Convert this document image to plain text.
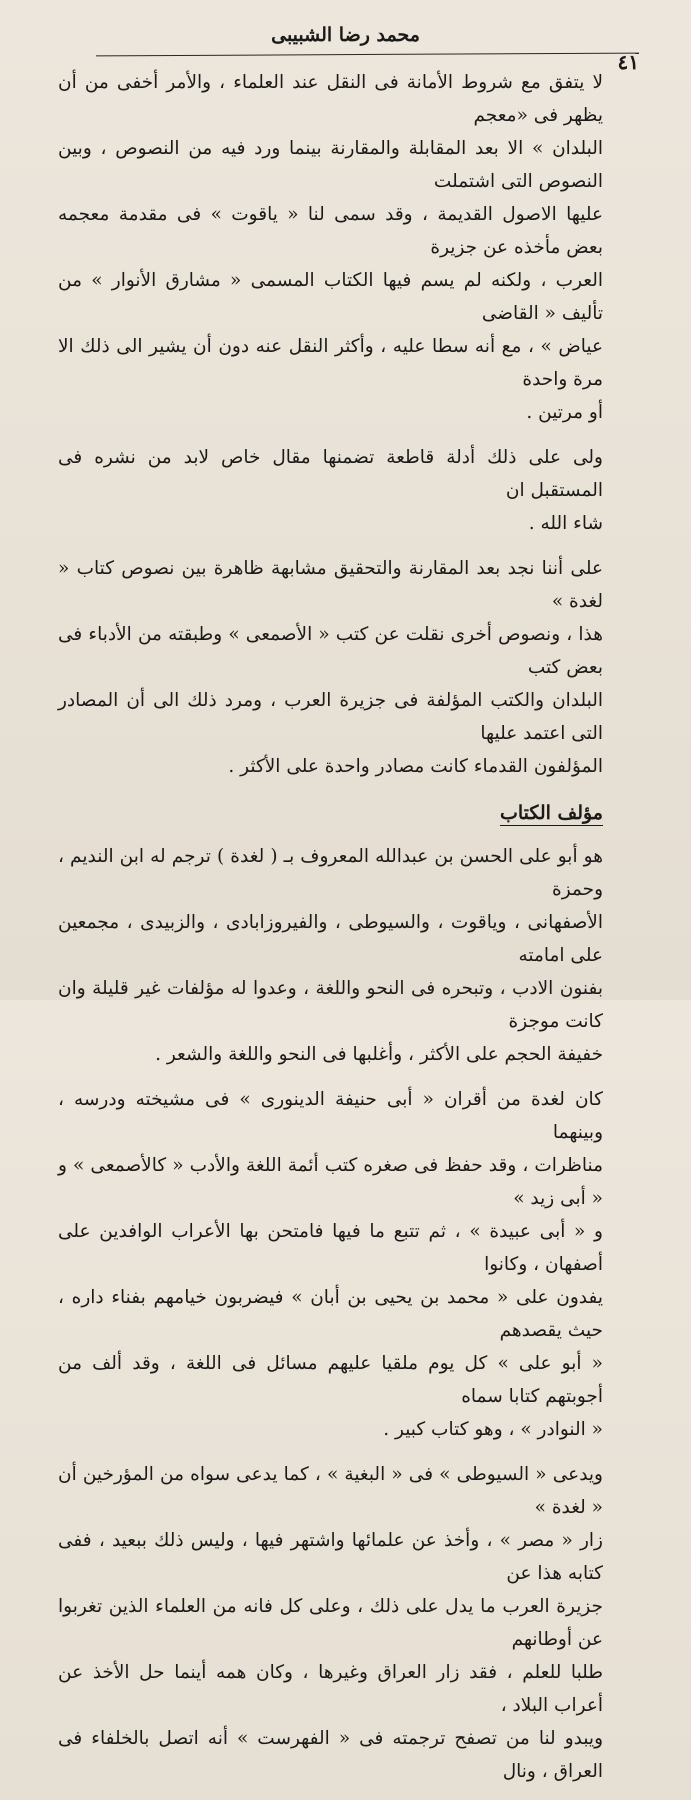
محمد رضا الشبيبى
٤١

لا يتفق مع شروط الأمانة فى النقل عند العلماء ، والأمر أخفى من أن يظهر فى «معجم

البلدان » الا بعد المقابلة والمقارنة بينما ورد فيه من النصوص ، وبين النصوص التى اشتملت

عليها الاصول القديمة ، وقد سمى لنا « ياقوت » فى مقدمة معجمه بعض مأخذه عن جزيرة

العرب ، ولكنه لم يسم فيها الكتاب المسمى « مشارق الأنوار » من تأليف « القاضى

عياض » ، مع أنه سطا عليه ، وأكثر النقل عنه دون أن يشير الى ذلك الا مرة واحدة

أو مرتين .

ولى على ذلك أدلة قاطعة تضمنها مقال خاص لابد من نشره فى المستقبل ان

شاء الله .

على أننا نجد بعد المقارنة والتحقيق مشابهة ظاهرة بين نصوص كتاب « لغدة »

هذا ، ونصوص أخرى نقلت عن كتب « الأصمعى » وطبقته من الأدباء فى بعض كتب

البلدان والكتب المؤلفة فى جزيرة العرب ، ومرد ذلك الى أن المصادر التى اعتمد عليها

المؤلفون القدماء كانت مصادر واحدة على الأكثر .

مؤلف الكتاب

هو أبو على الحسن بن عبدالله المعروف بـ ( لغدة ) ترجم له ابن النديم ، وحمزة

الأصفهانى ، وياقوت ، والسيوطى ، والفيروزابادى ، والزبيدى ، مجمعين على امامته

بفنون الادب ، وتبحره فى النحو واللغة ، وعدوا له مؤلفات غير قليلة وان كانت موجزة

خفيفة الحجم على الأكثر ، وأغلبها فى النحو واللغة والشعر .

كان لغدة من أقران « أبى حنيفة الدينورى » فى مشيخته ودرسه ، وبينهما

مناظرات ، وقد حفظ فى صغره كتب أئمة اللغة والأدب « كالأصمعى » و « أبى زيد »

و « أبى عبيدة » ، ثم تتبع ما فيها فامتحن بها الأعراب الوافدين على أصفهان ، وكانوا

يفدون على « محمد بن يحيى بن أبان » فيضربون خيامهم بفناء داره ، حيث يقصدهم

« أبو على » كل يوم ملقيا عليهم مسائل فى اللغة ، وقد ألف من أجوبتهم كتابا سماه

« النوادر » ، وهو كتاب كبير .

ويدعى « السيوطى » فى « البغية » ، كما يدعى سواه من المؤرخين أن « لغدة »

زار « مصر » ، وأخذ عن علمائها واشتهر فيها ، وليس ذلك ببعيد ، ففى كتابه هذا عن

جزيرة العرب ما يدل على ذلك ، وعلى كل فانه من العلماء الذين تغربوا عن أوطانهم

طلبا للعلم ، فقد زار العراق وغيرها ، وكان همه أينما حل الأخذ عن أعراب البلاد ،

ويبدو لنا من تصفح ترجمته فى « الفهرست » أنه اتصل بالخلفاء فى العراق ، ونال
